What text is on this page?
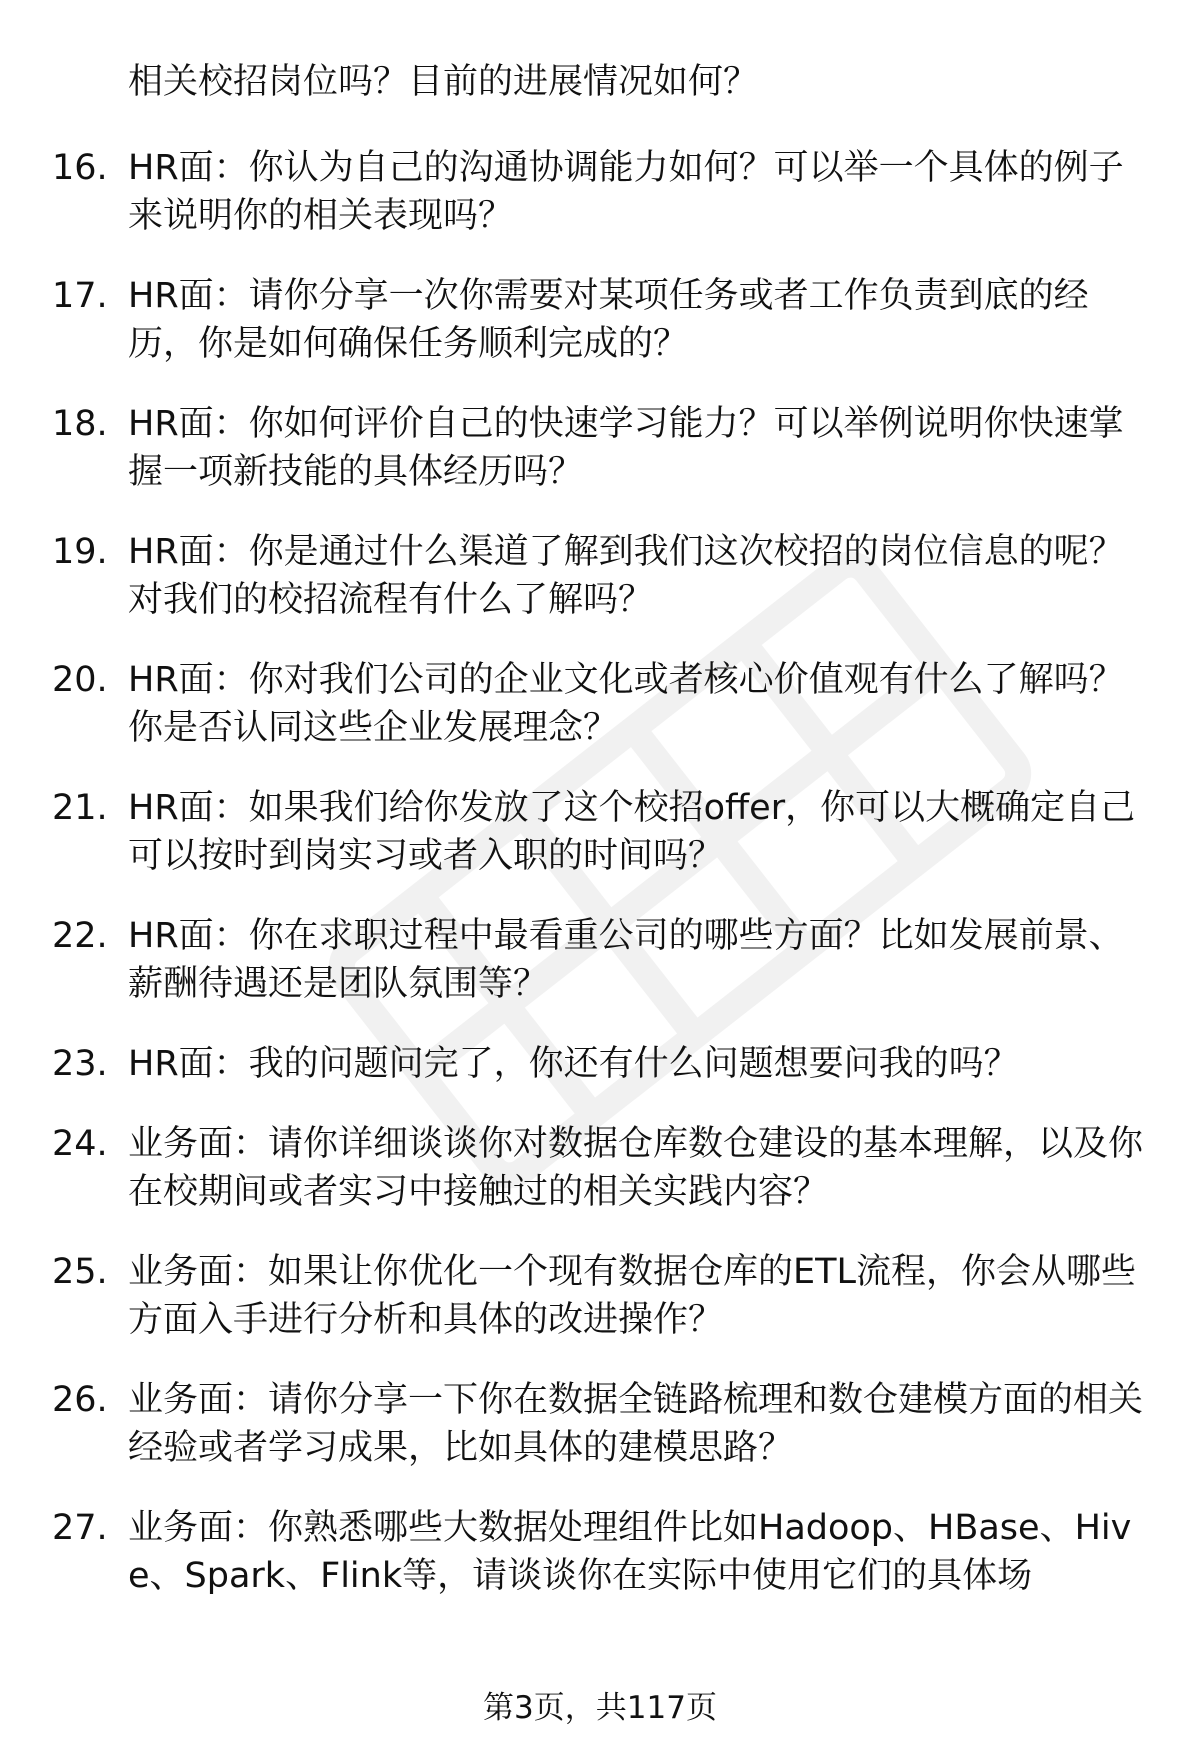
相关校招岗位吗？目前的进展情况如何？
16. HR面：你认为自己的沟通协调能力如何？可以举一个具体的例子来说明你的相关表现吗？
17. HR面：请你分享一次你需要对某项任务或者工作负责到底的经历，你是如何确保任务顺利完成的？
18. HR面：你如何评价自己的快速学习能力？可以举例说明你快速掌握一项新技能的具体经历吗？
19. HR面：你是通过什么渠道了解到我们这次校招的岗位信息的呢？对我们的校招流程有什么了解吗？
20. HR面：你对我们公司的企业文化或者核心价值观有什么了解吗？你是否认同这些企业发展理念？
21. HR面：如果我们给你发放了这个校招offer，你可以大概确定自己可以按时到岗实习或者入职的时间吗？
22. HR面：你在求职过程中最看重公司的哪些方面？比如发展前景、薪酬待遇还是团队氛围等？
23. HR面：我的问题问完了，你还有什么问题想要问我的吗？
24. 业务面：请你详细谈谈你对数据仓库数仓建设的基本理解，以及你在校期间或者实习中接触过的相关实践内容？
25. 业务面：如果让你优化一个现有数据仓库的ETL流程，你会从哪些方面入手进行分析和具体的改进操作？
26. 业务面：请你分享一下你在数据全链路梳理和数仓建模方面的相关经验或者学习成果，比如具体的建模思路？
27. 业务面：你熟悉哪些大数据处理组件比如Hadoop、HBase、Hive、Spark、Flink等，请谈谈你在实际中使用它们的具体场
第3页，共117页
